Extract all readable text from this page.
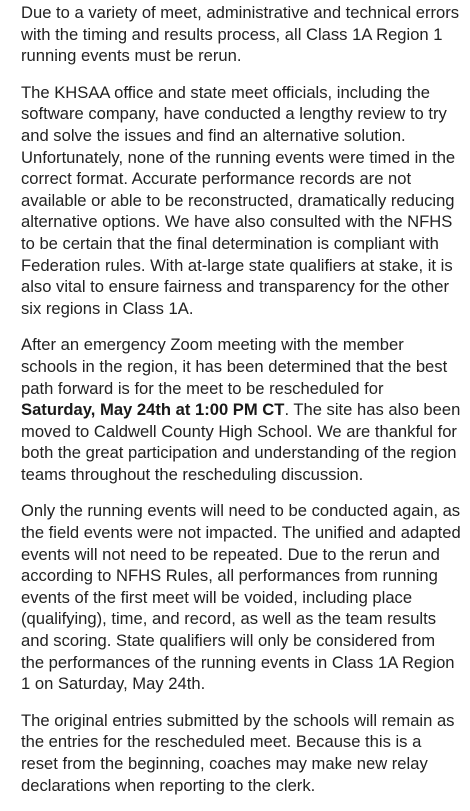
Due to a variety of meet, administrative and technical errors with the timing and results process, all Class 1A Region 1 running events must be rerun.

The KHSAA office and state meet officials, including the software company, have conducted a lengthy review to try and solve the issues and find an alternative solution. Unfortunately, none of the running events were timed in the correct format. Accurate performance records are not available or able to be reconstructed, dramatically reducing alternative options. We have also consulted with the NFHS to be certain that the final determination is compliant with Federation rules. With at-large state qualifiers at stake, it is also vital to ensure fairness and transparency for the other six regions in Class 1A.

After an emergency Zoom meeting with the member schools in the region, it has been determined that the best path forward is for the meet to be rescheduled for Saturday, May 24th at 1:00 PM CT. The site has also been moved to Caldwell County High School. We are thankful for both the great participation and understanding of the region teams throughout the rescheduling discussion.

Only the running events will need to be conducted again, as the field events were not impacted. The unified and adapted events will not need to be repeated. Due to the rerun and according to NFHS Rules, all performances from running events of the first meet will be voided, including place (qualifying), time, and record, as well as the team results and scoring. State qualifiers will only be considered from the performances of the running events in Class 1A Region 1 on Saturday, May 24th.

The original entries submitted by the schools will remain as the entries for the rescheduled meet. Because this is a reset from the beginning, coaches may make new relay declarations when reporting to the clerk.
